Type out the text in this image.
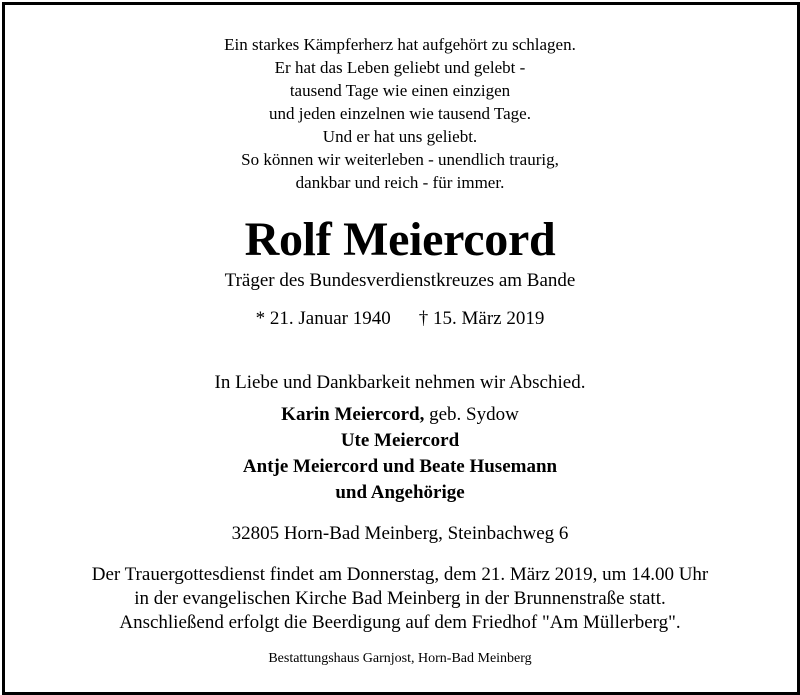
Ein starkes Kämpferherz hat aufgehört zu schlagen.
Er hat das Leben geliebt und gelebt -
tausend Tage wie einen einzigen
und jeden einzelnen wie tausend Tage.
Und er hat uns geliebt.
So können wir weiterleben - unendlich traurig,
dankbar und reich - für immer.
Rolf Meiercord
Träger des Bundesverdienstkreuzes am Bande
* 21. Januar 1940 † 15. März 2019
In Liebe und Dankbarkeit nehmen wir Abschied.
Karin Meiercord, geb. Sydow
Ute Meiercord
Antje Meiercord und Beate Husemann
und Angehörige
32805 Horn-Bad Meinberg, Steinbachweg 6
Der Trauergottesdienst findet am Donnerstag, dem 21. März 2019, um 14.00 Uhr
in der evangelischen Kirche Bad Meinberg in der Brunnenstraße statt.
Anschließend erfolgt die Beerdigung auf dem Friedhof "Am Müllerberg".
Bestattungshaus Garnjost, Horn-Bad Meinberg
